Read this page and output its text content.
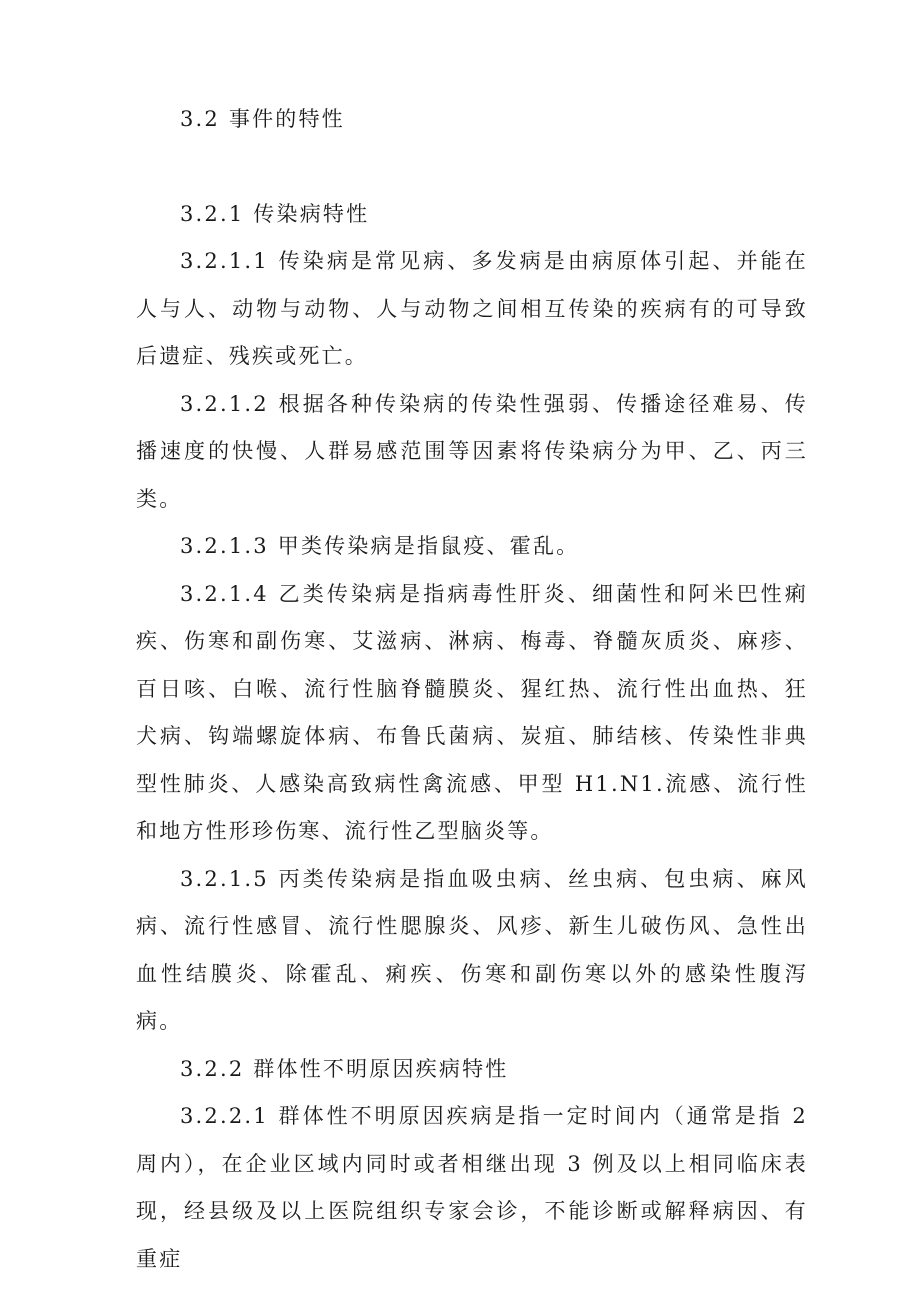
3.2 事件的特性

3.2.1 传染病特性

3.2.1.1 传染病是常见病、多发病是由病原体引起、并能在人与人、动物与动物、人与动物之间相互传染的疾病有的可导致后遗症、残疾或死亡。

3.2.1.2 根据各种传染病的传染性强弱、传播途径难易、传播速度的快慢、人群易感范围等因素将传染病分为甲、乙、丙三类。

3.2.1.3 甲类传染病是指鼠疫、霍乱。

3.2.1.4 乙类传染病是指病毒性肝炎、细菌性和阿米巴性痢疾、伤寒和副伤寒、艾滋病、淋病、梅毒、脊髓灰质炎、麻疹、百日咳、白喉、流行性脑脊髓膜炎、猩红热、流行性出血热、狂犬病、钩端螺旋体病、布鲁氏菌病、炭疽、肺结核、传染性非典型性肺炎、人感染高致病性禽流感、甲型 H1.N1.流感、流行性和地方性形珍伤寒、流行性乙型脑炎等。

3.2.1.5 丙类传染病是指血吸虫病、丝虫病、包虫病、麻风病、流行性感冒、流行性腮腺炎、风疹、新生儿破伤风、急性出血性结膜炎、除霍乱、痢疾、伤寒和副伤寒以外的感染性腹泻病。

3.2.2 群体性不明原因疾病特性

3.2.2.1 群体性不明原因疾病是指一定时间内（通常是指 2 周内），在企业区域内同时或者相继出现 3 例及以上相同临床表现，经县级及以上医院组织专家会诊，不能诊断或解释病因、有重症
